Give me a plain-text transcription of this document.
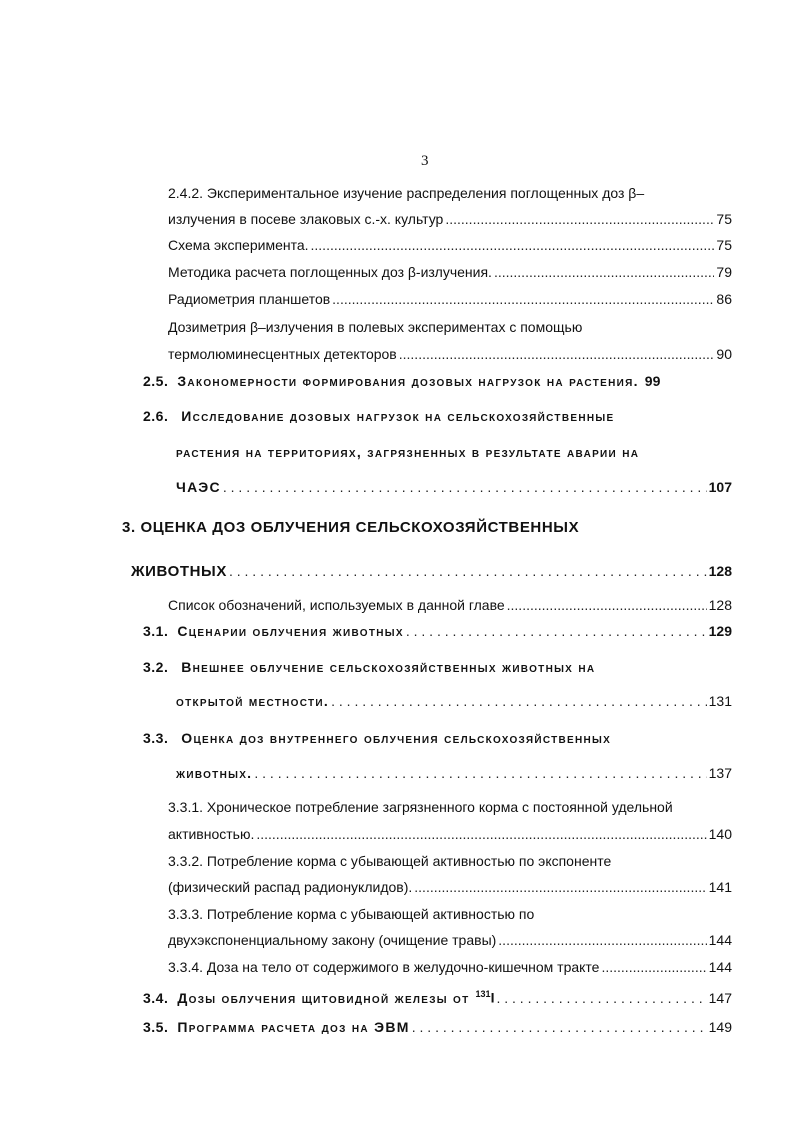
3
2.4.2. Экспериментальное изучение распределения поглощенных доз β–
излучения в посеве злаковых с.-х. культур .....	75
Схема эксперимента. .....	75
Методика расчета поглощенных доз β-излучения. .....	79
Радиометрия планшетов .....	86
Дозиметрия β–излучения в полевых экспериментах с помощью
термолюминесцентных детекторов .....	90
2.5. Закономерности формирования дозовых нагрузок на растения. 99
2.6. Исследование дозовых нагрузок на сельскохозяйственные
растения на территориях, загрязненных в результате аварии на
ЧАЭС . . .	107
3. ОЦЕНКА ДОЗ ОБЛУЧЕНИЯ СЕЛЬСКОХОЗЯЙСТВЕННЫХ
ЖИВОТНЫХ . . .	128
Список обозначений, используемых в данной главе .....	128
3.1. Сценарии облучения животных . . .	129
3.2. Внешнее облучение сельскохозяйственных животных на
открытой местности. . . .	131
3.3. Оценка доз внутреннего облучения сельскохозяйственных
животных. . . .	137
3.3.1. Хроническое потребление загрязненного корма с постоянной удельной
активностью. .....	140
3.3.2. Потребление корма с убывающей активностью по экспоненте
(физический распад радионуклидов). .....	141
3.3.3. Потребление корма с убывающей активностью по
двухэкспоненциальному закону (очищение травы) .....	144
3.3.4. Доза на тело от содержимого в желудочно-кишечном тракте .....	144
3.4. Дозы облучения щитовидной железы от $^{131}$I . . .	147
3.5. Программа расчета доз на ЭВМ . . .	149
